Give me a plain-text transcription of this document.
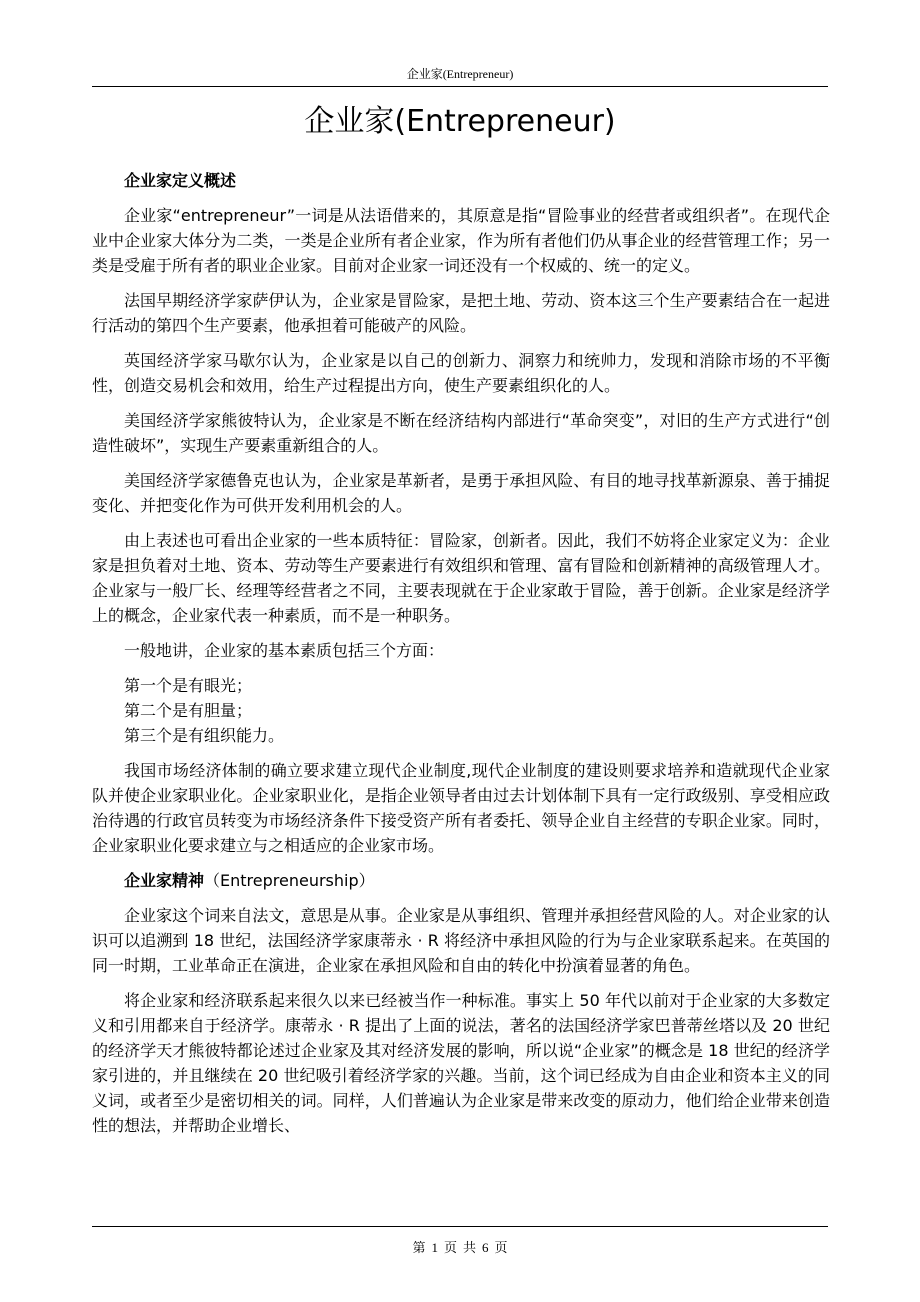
企业家(Entrepreneur)
企业家(Entrepreneur)
企业家定义概述

企业家“entrepreneur”一词是从法语借来的，其原意是指“冒险事业的经营者或组织者”。在现代企业中企业家大体分为二类，一类是企业所有者企业家，作为所有者他们仍从事企业的经营管理工作；另一类是受雇于所有者的职业企业家。目前对企业家一词还没有一个权威的、统一的定义。

法国早期经济学家萨伊认为，企业家是冒险家，是把土地、劳动、资本这三个生产要素结合在一起进行活动的第四个生产要素，他承担着可能破产的风险。

英国经济学家马歇尔认为，企业家是以自己的创新力、洞察力和统帅力，发现和消除市场的不平衡性，创造交易机会和效用，给生产过程提出方向，使生产要素组织化的人。

美国经济学家熊彼特认为，企业家是不断在经济结构内部进行“革命突变”，对旧的生产方式进行“创造性破坏”，实现生产要素重新组合的人。

美国经济学家德鲁克也认为，企业家是革新者，是勇于承担风险、有目的地寻找革新源泉、善于捕捉变化、并把变化作为可供开发利用机会的人。

由上表述也可看出企业家的一些本质特征：冒险家，创新者。因此，我们不妨将企业家定义为：企业家是担负着对土地、资本、劳动等生产要素进行有效组织和管理、富有冒险和创新精神的高级管理人才。企业家与一般厂长、经理等经营者之不同，主要表现就在于企业家敢于冒险，善于创新。企业家是经济学上的概念，企业家代表一种素质，而不是一种职务。

一般地讲，企业家的基本素质包括三个方面：

第一个是有眼光；
第二个是有胆量；
第三个是有组织能力。

我国市场经济体制的确立要求建立现代企业制度,现代企业制度的建设则要求培养和造就现代企业家队并使企业家职业化。企业家职业化，是指企业领导者由过去计划体制下具有一定行政级别、享受相应政治待遇的行政官员转变为市场经济条件下接受资产所有者委托、领导企业自主经营的专职企业家。同时，企业家职业化要求建立与之相适应的企业家市场。

企业家精神（Entrepreneurship）

企业家这个词来自法文，意思是从事。企业家是从事组织、管理并承担经营风险的人。对企业家的认识可以追溯到 18 世纪，法国经济学家康蒂永 · R 将经济中承担风险的行为与企业家联系起来。在英国的同一时期，工业革命正在演进，企业家在承担风险和自由的转化中扮演着显著的角色。

将企业家和经济联系起来很久以来已经被当作一种标准。事实上 50 年代以前对于企业家的大多数定义和引用都来自于经济学。康蒂永 · R 提出了上面的说法，著名的法国经济学家巴普蒂丝塔以及 20 世纪的经济学天才熊彼特都论述过企业家及其对经济发展的影响，所以说“企业家”的概念是 18 世纪的经济学家引进的，并且继续在 20 世纪吸引着经济学家的兴趣。当前，这个词已经成为自由企业和资本主义的同义词，或者至少是密切相关的词。同样，人们普遍认为企业家是带来改变的原动力，他们给企业带来创造性的想法，并帮助企业增长、

第 1 页 共 6 页
